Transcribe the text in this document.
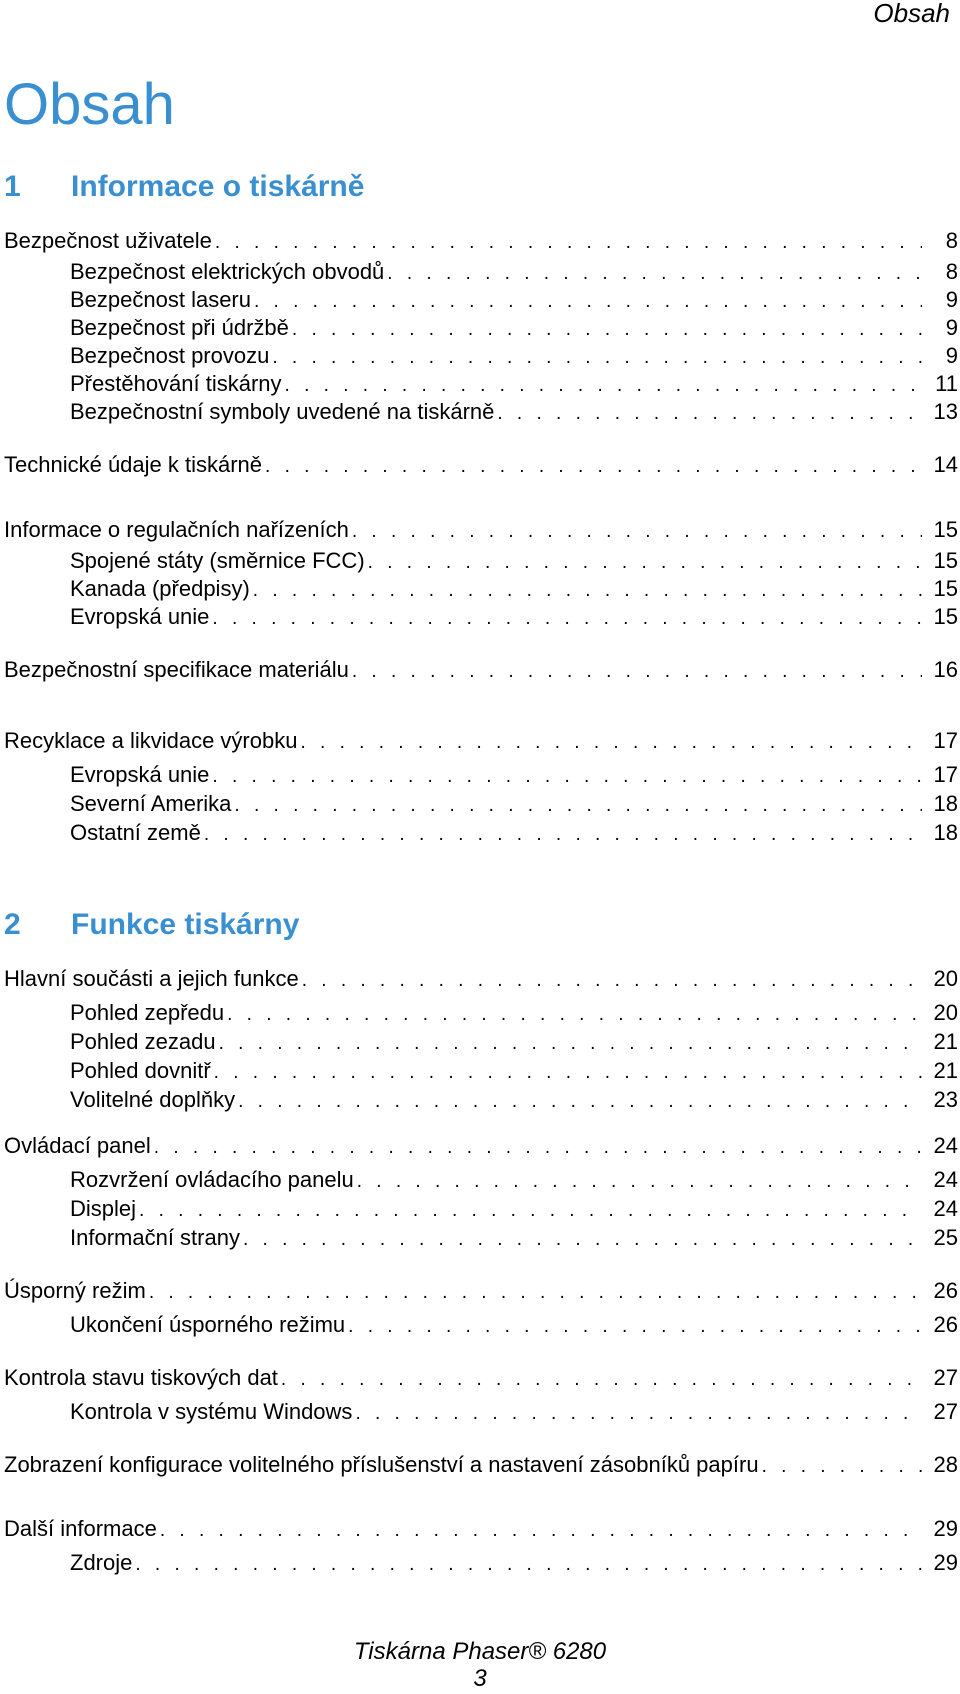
Obsah
Obsah
1 Informace o tiskárně
Bezpečnost uživatele . . .	8
Bezpečnost elektrických obvodů . . .	8
Bezpečnost laseru . . .	9
Bezpečnost při údržbě . . .	9
Bezpečnost provozu . . .	9
Přestěhování tiskárny . . .	11
Bezpečnostní symboly uvedené na tiskárně . . .	13
Technické údaje k tiskárně . . .	14
Informace o regulačních nařízeních . . .	15
Spojené státy (směrnice FCC) . . .	15
Kanada (předpisy) . . .	15
Evropská unie . . .	15
Bezpečnostní specifikace materiálu . . .	16
Recyklace a likvidace výrobku . . .	17
Evropská unie . . .	17
Severní Amerika . . .	18
Ostatní země . . .	18
2 Funkce tiskárny
Hlavní součásti a jejich funkce . . .	20
Pohled zepředu . . .	20
Pohled zezadu . . .	21
Pohled dovnitř . . .	21
Volitelné doplňky . . .	23
Ovládací panel . . .	24
Rozvržení ovládacího panelu . . .	24
Displej . . .	24
Informační strany . . .	25
Úsporný režim . . .	26
Ukončení úsporného režimu . . .	26
Kontrola stavu tiskových dat . . .	27
Kontrola v systému Windows . . .	27
Zobrazení konfigurace volitelného příslušenství a nastavení zásobníků papíru . . .	28
Další informace . . .	29
Zdroje . . .	29
Tiskárna Phaser® 6280
3
